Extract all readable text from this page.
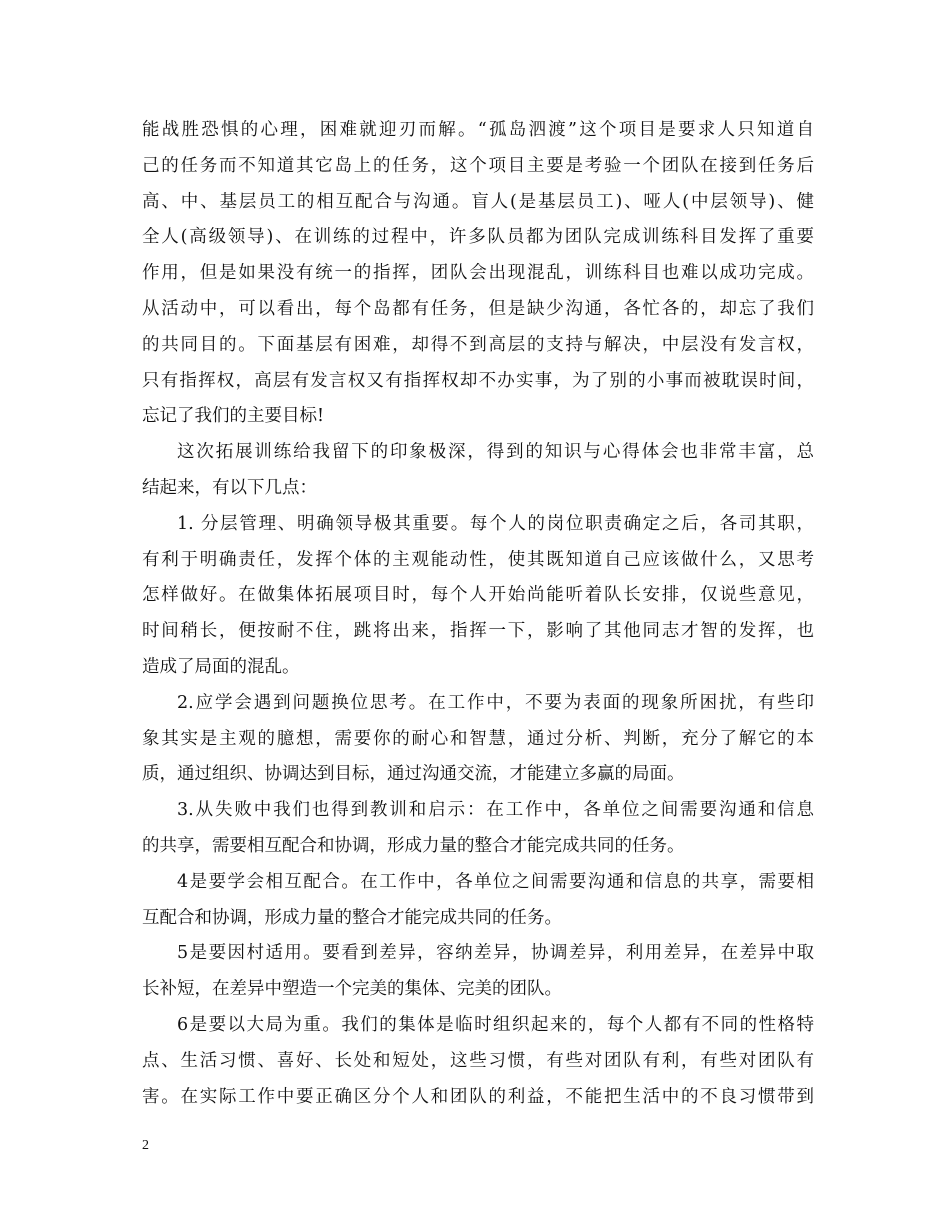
能战胜恐惧的心理，困难就迎刃而解。“孤岛泗渡”这个项目是要求人只知道自
己的任务而不知道其它岛上的任务，这个项目主要是考验一个团队在接到任务后
高、中、基层员工的相互配合与沟通。盲人(是基层员工)、哑人(中层领导)、健
全人(高级领导)、在训练的过程中，许多队员都为团队完成训练科目发挥了重要
作用，但是如果没有统一的指挥，团队会出现混乱，训练科目也难以成功完成。
从活动中，可以看出，每个岛都有任务，但是缺少沟通，各忙各的，却忘了我们
的共同目的。下面基层有困难，却得不到高层的支持与解决，中层没有发言权，
只有指挥权，高层有发言权又有指挥权却不办实事，为了别的小事而被耽误时间，
忘记了我们的主要目标!
这次拓展训练给我留下的印象极深，得到的知识与心得体会也非常丰富，总
结起来，有以下几点：
1. 分层管理、明确领导极其重要。每个人的岗位职责确定之后，各司其职，
有利于明确责任，发挥个体的主观能动性，使其既知道自己应该做什么，又思考
怎样做好。在做集体拓展项目时，每个人开始尚能听着队长安排，仅说些意见，
时间稍长，便按耐不住，跳将出来，指挥一下，影响了其他同志才智的发挥，也
造成了局面的混乱。
2.应学会遇到问题换位思考。在工作中，不要为表面的现象所困扰，有些印
象其实是主观的臆想，需要你的耐心和智慧，通过分析、判断，充分了解它的本
质，通过组织、协调达到目标，通过沟通交流，才能建立多赢的局面。
3.从失败中我们也得到教训和启示：在工作中，各单位之间需要沟通和信息
的共享，需要相互配合和协调，形成力量的整合才能完成共同的任务。
4是要学会相互配合。在工作中，各单位之间需要沟通和信息的共享，需要相
互配合和协调，形成力量的整合才能完成共同的任务。
5是要因村适用。要看到差异，容纳差异，协调差异，利用差异，在差异中取
长补短，在差异中塑造一个完美的集体、完美的团队。
6是要以大局为重。我们的集体是临时组织起来的，每个人都有不同的性格特
点、生活习惯、喜好、长处和短处，这些习惯，有些对团队有利，有些对团队有
害。在实际工作中要正确区分个人和团队的利益，不能把生活中的不良习惯带到
2
